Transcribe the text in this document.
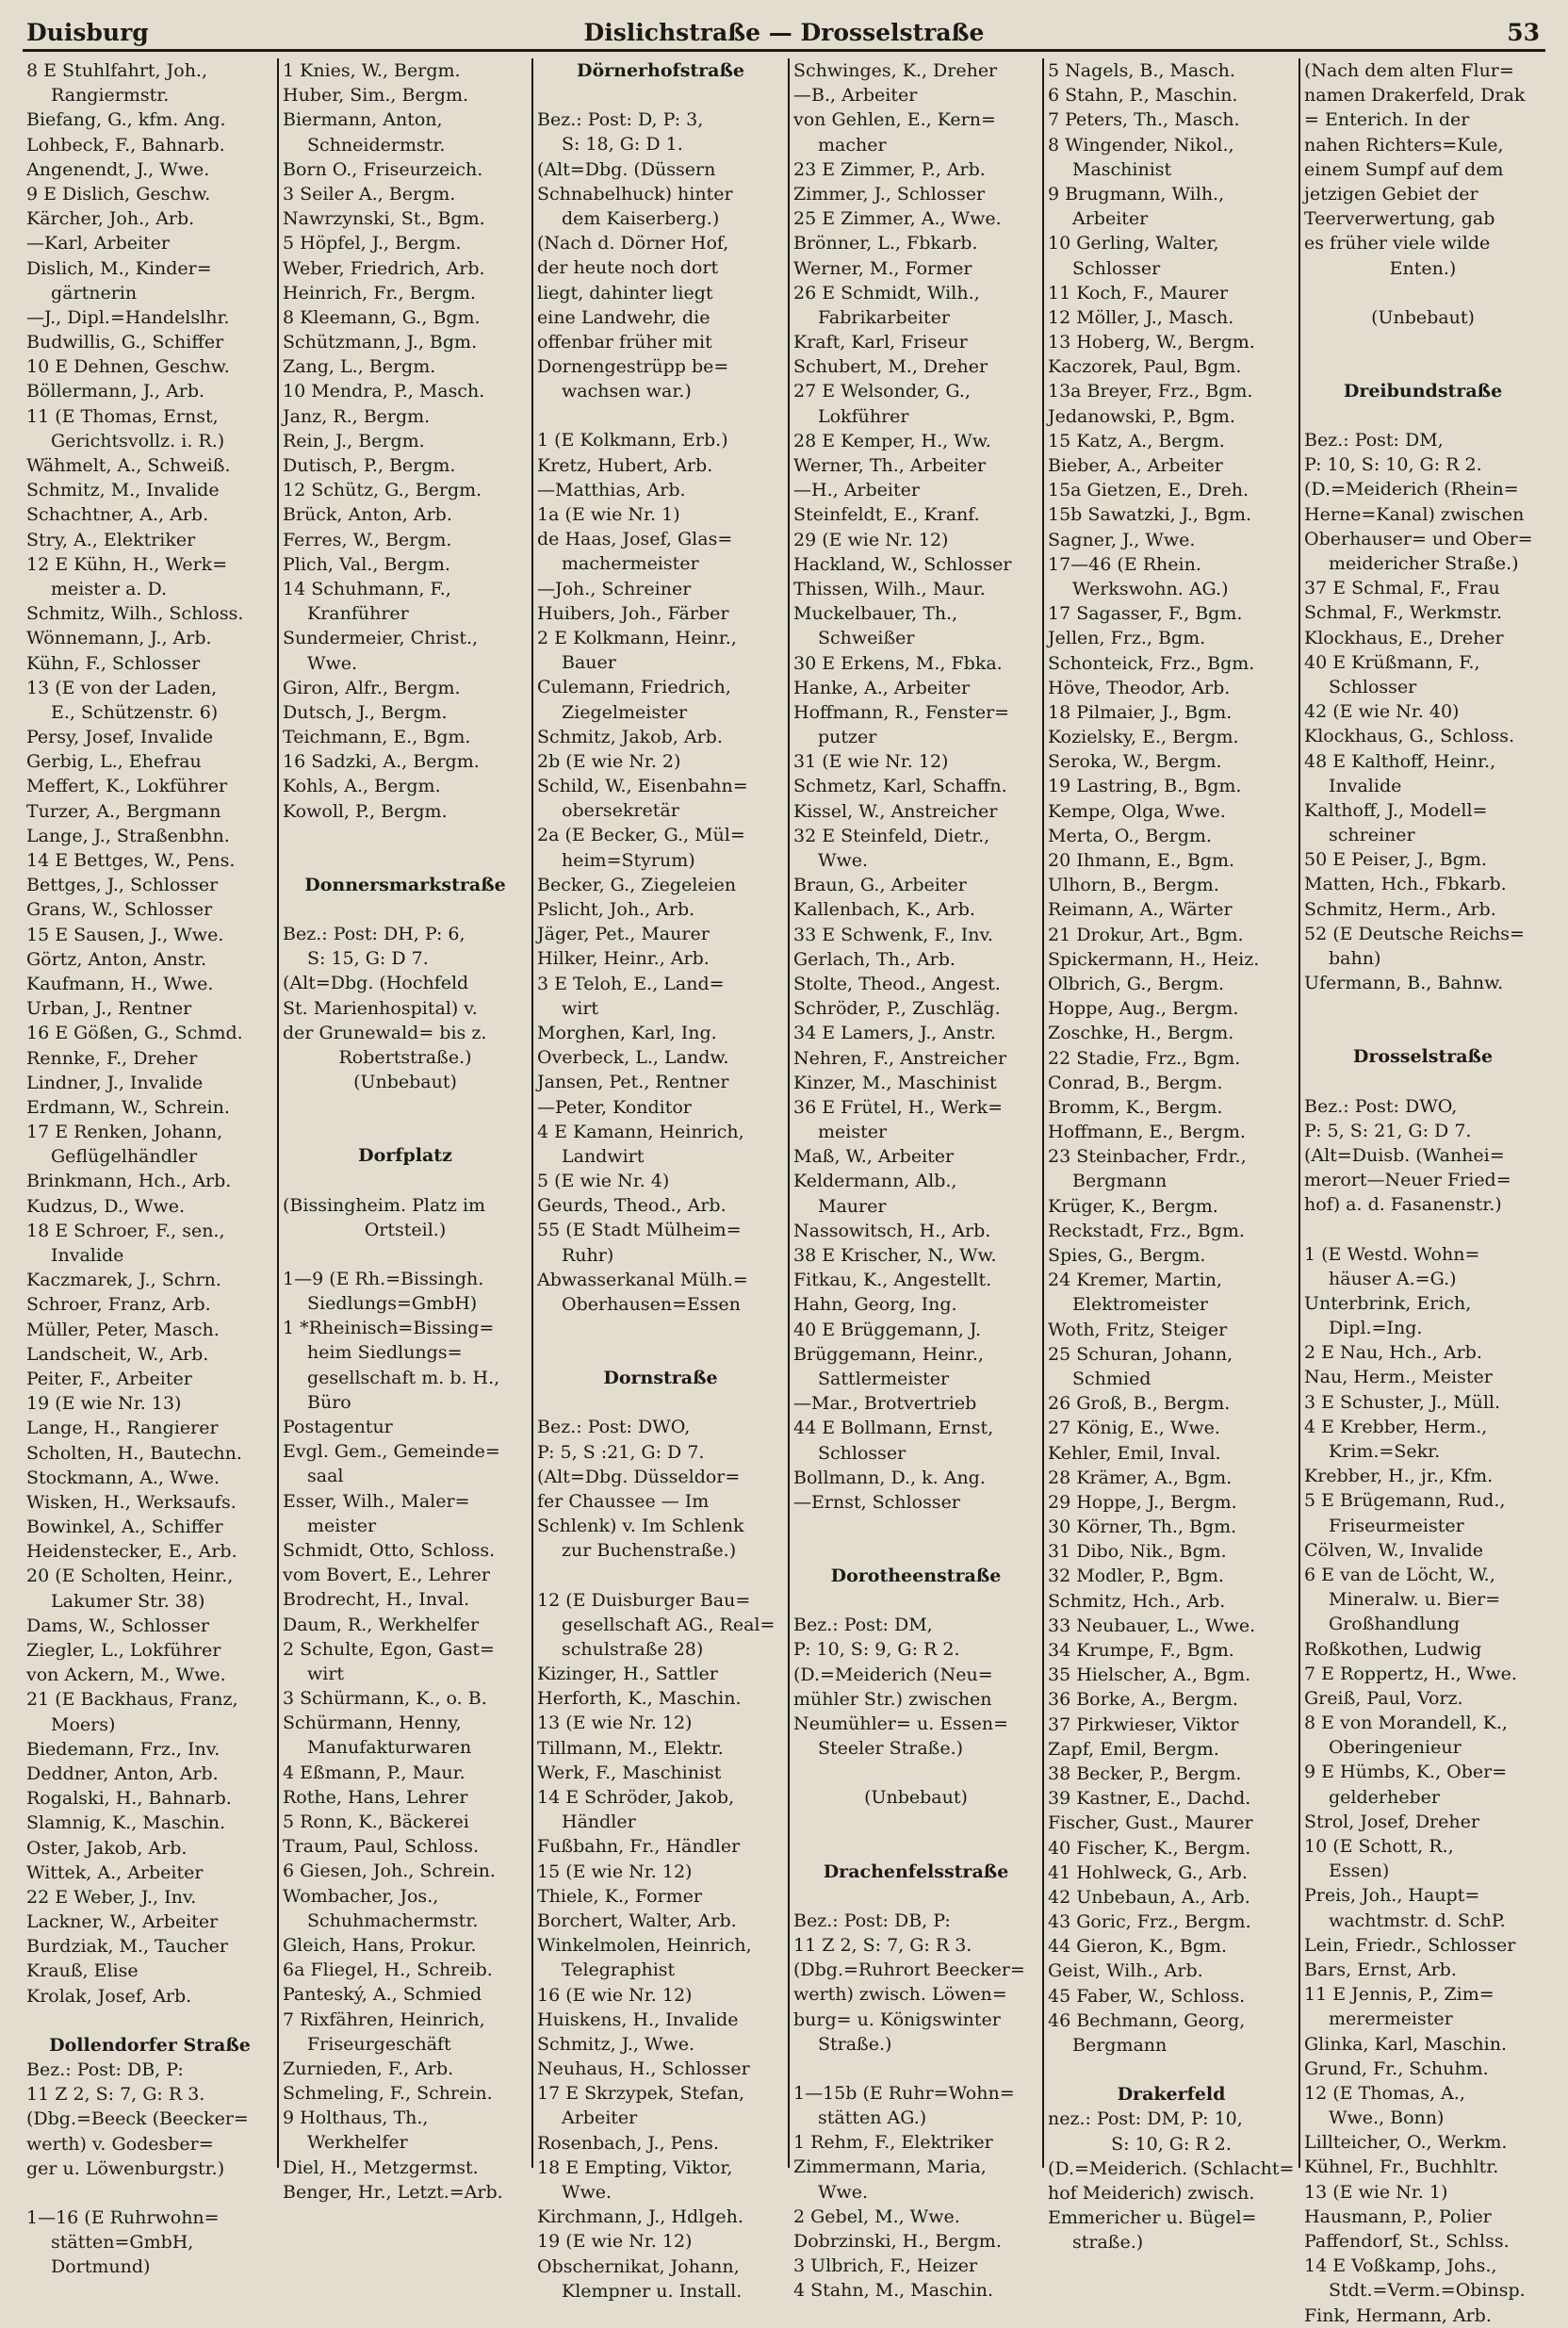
Duisburg	Dislichstraße — Drosselstraße	53
8 E Stuhlfahrt, Joh.,
Rangiermstr.
Biefang, G., kfm. Ang.
Lohbeck, F., Bahnarb.
Angenendt, J., Wwe.
9 E Dislich, Geschw.
Kärcher, Joh., Arb.
—Karl, Arbeiter
Dislich, M., Kinder=
gärtnerin
—J., Dipl.=Handelslhr.
Budwillis, G., Schiffer
10 E Dehnen, Geschw.
Böllermann, J., Arb.
11 (E Thomas, Ernst,
Gerichtsvollz. i. R.)
Wähmelt, A., Schweiß.
Schmitz, M., Invalide
Schachtner, A., Arb.
Stry, A., Elektriker
12 E Kühn, H., Werk=
meister a. D.
Schmitz, Wilh., Schloss.
Wönnemann, J., Arb.
Kühn, F., Schlosser
13 (E von der Laden,
E., Schützenstr. 6)
Persy, Josef, Invalide
Gerbig, L., Ehefrau
Meffert, K., Lokführer
Turzer, A., Bergmann
Lange, J., Straßenbhn.
14 E Bettges, W., Pens.
Bettges, J., Schlosser
Grans, W., Schlosser
15 E Sausen, J., Wwe.
Görtz, Anton, Anstr.
Kaufmann, H., Wwe.
Urban, J., Rentner
16 E Gößen, G., Schmd.
Rennke, F., Dreher
Lindner, J., Invalide
Erdmann, W., Schrein.
17 E Renken, Johann,
Geflügelhändler
Brinkmann, Hch., Arb.
Kudzus, D., Wwe.
18 E Schroer, F., sen.,
Invalide
Kaczmarek, J., Schrn.
Schroer, Franz, Arb.
Müller, Peter, Masch.
Landscheit, W., Arb.
Peiter, F., Arbeiter
19 (E wie Nr. 13)
Lange, H., Rangierer
Scholten, H., Bautechn.
Stockmann, A., Wwe.
Wisken, H., Werksaufs.
Bowinkel, A., Schiffer
Heidenstecker, E., Arb.
20 (E Scholten, Heinr.,
Lakumer Str. 38)
Dams, W., Schlosser
Ziegler, L., Lokführer
von Ackern, M., Wwe.
21 (E Backhaus, Franz,
Moers)
Biedemann, Frz., Inv.
Deddner, Anton, Arb.
Rogalski, H., Bahnarb.
Slamnig, K., Maschin.
Oster, Jakob, Arb.
Wittek, A., Arbeiter
22 E Weber, J., Inv.
Lackner, W., Arbeiter
Burdziak, M., Taucher
Krauß, Elise
Krolak, Josef, Arb.
Dollendorfer Straße
Bez.: Post: DB, P:
11 Z 2, S: 7, G: R 3.
(Dbg.=Beeck (Beecker=
werth) v. Godesber=
ger u. Löwenburgstr.)
1—16 (E Ruhrwohn=
stätten=GmbH,
Dortmund)
1 Knies, W., Bergm.
Huber, Sim., Bergm.
Biermann, Anton,
Schneidermstr.
Born O., Friseurzeich.
3 Seiler A., Bergm.
Nawrzynski, St., Bgm.
5 Höpfel, J., Bergm.
Weber, Friedrich, Arb.
Heinrich, Fr., Bergm.
8 Kleemann, G., Bgm.
Schützmann, J., Bgm.
Zang, L., Bergm.
10 Mendra, P., Masch.
Janz, R., Bergm.
Rein, J., Bergm.
Dutisch, P., Bergm.
12 Schütz, G., Bergm.
Brück, Anton, Arb.
Ferres, W., Bergm.
Plich, Val., Bergm.
14 Schuhmann, F.,
Kranführer
Sundermeier, Christ.,
Wwe.
Giron, Alfr., Bergm.
Dutsch, J., Bergm.
Teichmann, E., Bgm.
16 Sadzki, A., Bergm.
Kohls, A., Bergm.
Kowoll, P., Bergm.
Donnersmarkstraße
Bez.: Post: DH, P: 6,
S: 15, G: D 7.
(Alt=Dbg. (Hochfeld
St. Marienhospital) v.
der Grunewald= bis z.
Robertstraße.)
(Unbebaut)
Dorfplatz
(Bissingheim. Platz im
Ortsteil.)
1—9 (E Rh.=Bissingh.
Siedlungs=GmbH)
1 *Rheinisch=Bissing=
heim Siedlungs=
gesellschaft m. b. H.,
Büro
Postagentur
Evgl. Gem., Gemeinde=
saal
Esser, Wilh., Maler=
meister
Schmidt, Otto, Schloss.
vom Bovert, E., Lehrer
Brodrecht, H., Inval.
Daum, R., Werkhelfer
2 Schulte, Egon, Gast=
wirt
3 Schürmann, K., o. B.
Schürmann, Henny,
Manufakturwaren
4 Eßmann, P., Maur.
Rothe, Hans, Lehrer
5 Ronn, K., Bäckerei
Traum, Paul, Schloss.
6 Giesen, Joh., Schrein.
Wombacher, Jos.,
Schuhmachermstr.
Gleich, Hans, Prokur.
6a Fliegel, H., Schreib.
Panteský, A., Schmied
7 Rixfähren, Heinrich,
Friseurgeschäft
Zurnieden, F., Arb.
Schmeling, F., Schrein.
9 Holthaus, Th.,
Werkhelfer
Diel, H., Metzgermst.
Benger, Hr., Letzt.=Arb.
Dörnerhofstraße
Bez.: Post: D, P: 3,
S: 18, G: D 1.
(Alt=Dbg. (Düssern
Schnabelhuck) hinter
dem Kaiserberg.)
(Nach d. Dörner Hof,
der heute noch dort
liegt, dahinter liegt
eine Landwehr, die
offenbar früher mit
Dornengestrüpp be=
wachsen war.)
1 (E Kolkmann, Erb.)
Kretz, Hubert, Arb.
—Matthias, Arb.
1a (E wie Nr. 1)
de Haas, Josef, Glas=
machermeister
—Joh., Schreiner
Huibers, Joh., Färber
2 E Kolkmann, Heinr.,
Bauer
Culemann, Friedrich,
Ziegelmeister
Schmitz, Jakob, Arb.
2b (E wie Nr. 2)
Schild, W., Eisenbahn=
obersekretär
2a (E Becker, G., Mül=
heim=Styrum)
Becker, G., Ziegeleien
Pslicht, Joh., Arb.
Jäger, Pet., Maurer
Hilker, Heinr., Arb.
3 E Teloh, E., Land=
wirt
Morghen, Karl, Ing.
Overbeck, L., Landw.
Jansen, Pet., Rentner
—Peter, Konditor
4 E Kamann, Heinrich,
Landwirt
5 (E wie Nr. 4)
Geurds, Theod., Arb.
55 (E Stadt Mülheim=
Ruhr)
Abwasserkanal Mülh.=
Oberhausen=Essen
Dornstraße
Bez.: Post: DWO,
P: 5, S :21, G: D 7.
(Alt=Dbg. Düsseldor=
fer Chaussee — Im
Schlenk) v. Im Schlenk
zur Buchenstraße.)
12 (E Duisburger Bau=
gesellschaft AG., Real=
schulstraße 28)
Kizinger, H., Sattler
Herforth, K., Maschin.
13 (E wie Nr. 12)
Tillmann, M., Elektr.
Werk, F., Maschinist
14 E Schröder, Jakob,
Händler
Fußbahn, Fr., Händler
15 (E wie Nr. 12)
Thiele, K., Former
Borchert, Walter, Arb.
Winkelmolen, Heinrich,
Telegraphist
16 (E wie Nr. 12)
Huiskens, H., Invalide
Schmitz, J., Wwe.
Neuhaus, H., Schlosser
17 E Skrzypek, Stefan,
Arbeiter
Rosenbach, J., Pens.
18 E Empting, Viktor,
Wwe.
Kirchmann, J., Hdlgeh.
19 (E wie Nr. 12)
Obschernikat, Johann,
Klempner u. Install.
Schwinges, K., Dreher
—B., Arbeiter
von Gehlen, E., Kern=
macher
23 E Zimmer, P., Arb.
Zimmer, J., Schlosser
25 E Zimmer, A., Wwe.
Brönner, L., Fbkarb.
Werner, M., Former
26 E Schmidt, Wilh.,
Fabrikarbeiter
Kraft, Karl, Friseur
Schubert, M., Dreher
27 E Welsonder, G.,
Lokführer
28 E Kemper, H., Ww.
Werner, Th., Arbeiter
—H., Arbeiter
Steinfeldt, E., Kranf.
29 (E wie Nr. 12)
Hackland, W., Schlosser
Thissen, Wilh., Maur.
Muckelbauer, Th.,
Schweißer
30 E Erkens, M., Fbka.
Hanke, A., Arbeiter
Hoffmann, R., Fenster=
putzer
31 (E wie Nr. 12)
Schmetz, Karl, Schaffn.
Kissel, W., Anstreicher
32 E Steinfeld, Dietr.,
Wwe.
Braun, G., Arbeiter
Kallenbach, K., Arb.
33 E Schwenk, F., Inv.
Gerlach, Th., Arb.
Stolte, Theod., Angest.
Schröder, P., Zuschläg.
34 E Lamers, J., Anstr.
Nehren, F., Anstreicher
Kinzer, M., Maschinist
36 E Frütel, H., Werk=
meister
Maß, W., Arbeiter
Keldermann, Alb.,
Maurer
Nassowitsch, H., Arb.
38 E Krischer, N., Ww.
Fitkau, K., Angestellt.
Hahn, Georg, Ing.
40 E Brüggemann, J.
Brüggemann, Heinr.,
Sattlermeister
—Mar., Brotvertrieb
44 E Bollmann, Ernst,
Schlosser
Bollmann, D., k. Ang.
—Ernst, Schlosser
Dorotheenstraße
Bez.: Post: DM,
P: 10, S: 9, G: R 2.
(D.=Meiderich (Neu=
mühler Str.) zwischen
Neumühler= u. Essen=
Steeler Straße.)
(Unbebaut)
Drachenfelsstraße
Bez.: Post: DB, P:
11 Z 2, S: 7, G: R 3.
(Dbg.=Ruhrort Beecker=
werth) zwisch. Löwen=
burg= u. Königswinter
Straße.)
1—15b (E Ruhr=Wohn=
stätten AG.)
1 Rehm, F., Elektriker
Zimmermann, Maria,
Wwe.
2 Gebel, M., Wwe.
Dobrzinski, H., Bergm.
3 Ulbrich, F., Heizer
4 Stahn, M., Maschin.
5 Nagels, B., Masch.
6 Stahn, P., Maschin.
7 Peters, Th., Masch.
8 Wingender, Nikol.,
Maschinist
9 Brugmann, Wilh.,
Arbeiter
10 Gerling, Walter,
Schlosser
11 Koch, F., Maurer
12 Möller, J., Masch.
13 Hoberg, W., Bergm.
Kaczorek, Paul, Bgm.
13a Breyer, Frz., Bgm.
Jedanowski, P., Bgm.
15 Katz, A., Bergm.
Bieber, A., Arbeiter
15a Gietzen, E., Dreh.
15b Sawatzki, J., Bgm.
Sagner, J., Wwe.
17—46 (E Rhein.
Werkswohn. AG.)
17 Sagasser, F., Bgm.
Jellen, Frz., Bgm.
Schonteick, Frz., Bgm.
Höve, Theodor, Arb.
18 Pilmaier, J., Bgm.
Kozielsky, E., Bergm.
Seroka, W., Bergm.
19 Lastring, B., Bgm.
Kempe, Olga, Wwe.
Merta, O., Bergm.
20 Ihmann, E., Bgm.
Ulhorn, B., Bergm.
Reimann, A., Wärter
21 Drokur, Art., Bgm.
Spickermann, H., Heiz.
Olbrich, G., Bergm.
Hoppe, Aug., Bergm.
Zoschke, H., Bergm.
22 Stadie, Frz., Bgm.
Conrad, B., Bergm.
Bromm, K., Bergm.
Hoffmann, E., Bergm.
23 Steinbacher, Frdr.,
Bergmann
Krüger, K., Bergm.
Reckstadt, Frz., Bgm.
Spies, G., Bergm.
24 Kremer, Martin,
Elektromeister
Woth, Fritz, Steiger
25 Schuran, Johann,
Schmied
26 Groß, B., Bergm.
27 König, E., Wwe.
Kehler, Emil, Inval.
28 Krämer, A., Bgm.
29 Hoppe, J., Bergm.
30 Körner, Th., Bgm.
31 Dibo, Nik., Bgm.
32 Modler, P., Bgm.
Schmitz, Hch., Arb.
33 Neubauer, L., Wwe.
34 Krumpe, F., Bgm.
35 Hielscher, A., Bgm.
36 Borke, A., Bergm.
37 Pirkwieser, Viktor
Zapf, Emil, Bergm.
38 Becker, P., Bergm.
39 Kastner, E., Dachd.
Fischer, Gust., Maurer
40 Fischer, K., Bergm.
41 Hohlweck, G., Arb.
42 Unbebaun, A., Arb.
43 Goric, Frz., Bergm.
44 Gieron, K., Bgm.
Geist, Wilh., Arb.
45 Faber, W., Schloss.
46 Bechmann, Georg,
Bergmann
Drakerfeld
nez.: Post: DM, P: 10,
S: 10, G: R 2.
(D.=Meiderich. (Schlacht=
hof Meiderich) zwisch.
Emmericher u. Bügel=
straße.)
(Nach dem alten Flur=
namen Drakerfeld, Drak
= Enterich. In der
nahen Richters=Kule,
einem Sumpf auf dem
jetzigen Gebiet der
Teerverwertung, gab
es früher viele wilde
Enten.)
(Unbebaut)
Dreibundstraße
Bez.: Post: DM,
P: 10, S: 10, G: R 2.
(D.=Meiderich (Rhein=
Herne=Kanal) zwischen
Oberhauser= und Ober=
meidericher Straße.)
37 E Schmal, F., Frau
Schmal, F., Werkmstr.
Klockhaus, E., Dreher
40 E Krüßmann, F.,
Schlosser
42 (E wie Nr. 40)
Klockhaus, G., Schloss.
48 E Kalthoff, Heinr.,
Invalide
Kalthoff, J., Modell=
schreiner
50 E Peiser, J., Bgm.
Matten, Hch., Fbkarb.
Schmitz, Herm., Arb.
52 (E Deutsche Reichs=
bahn)
Ufermann, B., Bahnw.
Drosselstraße
Bez.: Post: DWO,
P: 5, S: 21, G: D 7.
(Alt=Duisb. (Wanhei=
merort—Neuer Fried=
hof) a. d. Fasanenstr.)
1 (E Westd. Wohn=
häuser A.=G.)
Unterbrink, Erich,
Dipl.=Ing.
2 E Nau, Hch., Arb.
Nau, Herm., Meister
3 E Schuster, J., Müll.
4 E Krebber, Herm.,
Krim.=Sekr.
Krebber, H., jr., Kfm.
5 E Brügemann, Rud.,
Friseurmeister
Cölven, W., Invalide
6 E van de Löcht, W.,
Mineralw. u. Bier=
Großhandlung
Roßkothen, Ludwig
7 E Roppertz, H., Wwe.
Greiß, Paul, Vorz.
8 E von Morandell, K.,
Oberingenieur
9 E Hümbs, K., Ober=
gelderheber
Strol, Josef, Dreher
10 (E Schott, R.,
Essen)
Preis, Joh., Haupt=
wachtmstr. d. SchP.
Lein, Friedr., Schlosser
Bars, Ernst, Arb.
11 E Jennis, P., Zim=
merermeister
Glinka, Karl, Maschin.
Grund, Fr., Schuhm.
12 (E Thomas, A.,
Wwe., Bonn)
Lillteicher, O., Werkm.
Kühnel, Fr., Buchhltr.
13 (E wie Nr. 1)
Hausmann, P., Polier
Paffendorf, St., Schlss.
14 E Voßkamp, Johs.,
Stdt.=Verm.=Obinsp.
Fink, Hermann, Arb.
